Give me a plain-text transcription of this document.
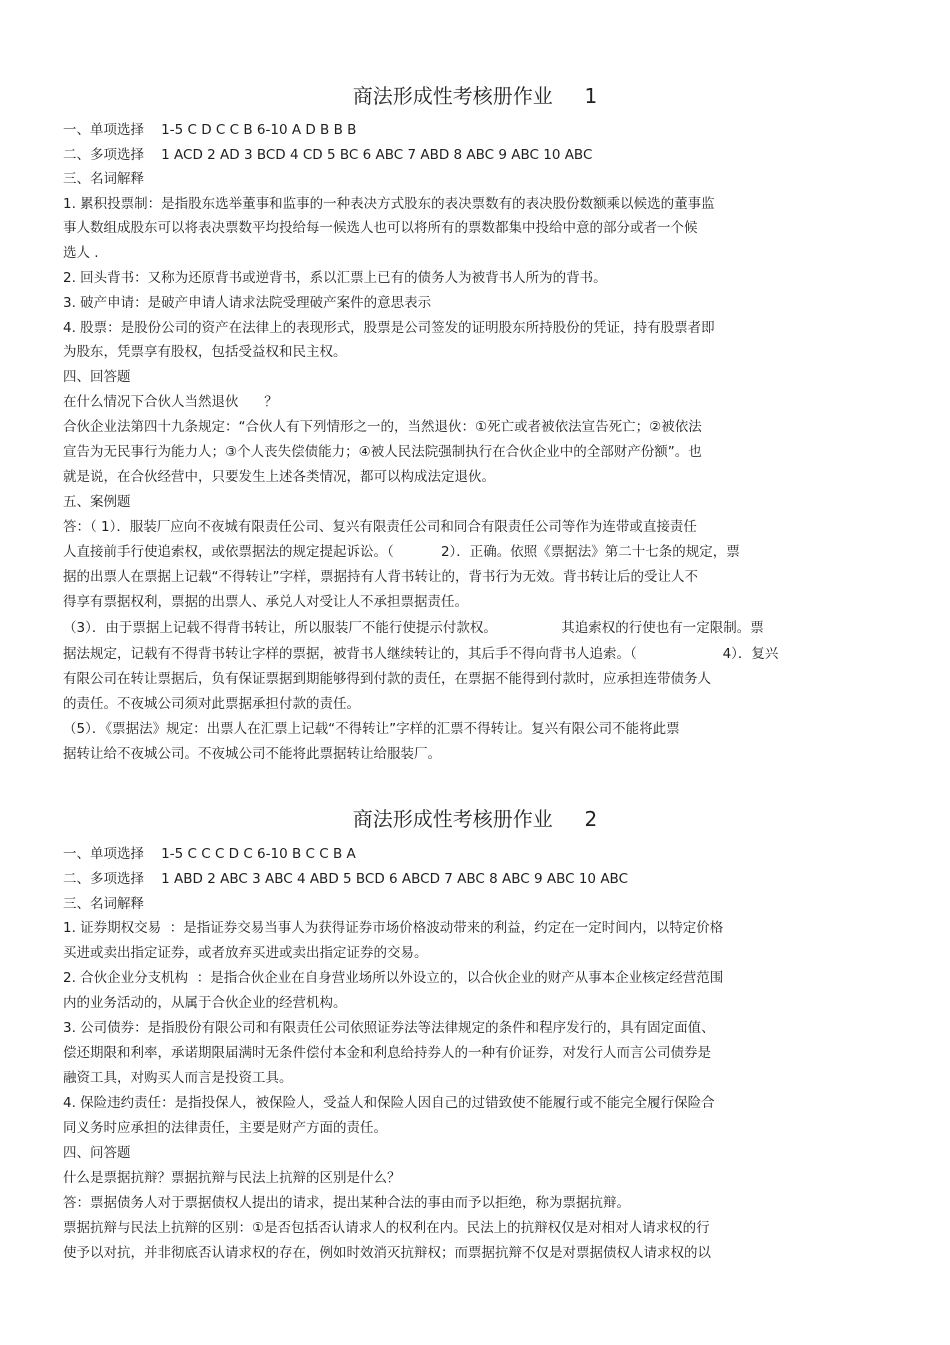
商法形成性考核册作业     1
一、单项选择    1-5 C D C C B 6-10 A D B B B
二、多项选择    1 ACD 2 AD 3 BCD 4 CD 5 BC 6 ABC 7 ABD 8 ABC 9 ABC 10 ABC
三、名词解释
1. 累积投票制：是指股东选举董事和监事的一种表决方式股东的表决票数有的表决股份数额乘以候选的董事监
事人数组成股东可以将表决票数平均投给每一候选人也可以将所有的票数都集中投给中意的部分或者一个候
选人 .
2. 回头背书：又称为还原背书或逆背书，系以汇票上已有的债务人为被背书人所为的背书。
3. 破产申请：是破产申请人请求法院受理破产案件的意思表示
4. 股票：是股份公司的资产在法律上的表现形式，股票是公司签发的证明股东所持股份的凭证，持有股票者即
为股东，凭票享有股权，包括受益权和民主权。
四、回答题
在什么情况下合伙人当然退伙      ？
合伙企业法第四十九条规定：“合伙人有下列情形之一的，当然退伙：①死亡或者被依法宣告死亡；②被依法
宣告为无民事行为能力人；③个人丧失偿债能力；④被人民法院强制执行在合伙企业中的全部财产份额”。也
就是说，在合伙经营中，只要发生上述各类情况，都可以构成法定退伙。
五、案例题
答：（ 1）．服装厂应向不夜城有限责任公司、复兴有限责任公司和同合有限责任公司等作为连带或直接责任
人直接前手行使追索权，或依票据法的规定提起诉讼。（           2）．正确。依照《票据法》第二十七条的规定，票
据的出票人在票据上记载“不得转让”字样，票据持有人背书转让的，背书行为无效。背书转让后的受让人不
得享有票据权利，票据的出票人、承兑人对受让人不承担票据责任。
（3）．由于票据上记载不得背书转让，所以服装厂不能行使提示付款权。               其追索权的行使也有一定限制。票
据法规定，记载有不得背书转让字样的票据，被背书人继续转让的，其后手不得向背书人追索。（                    4）．复兴
有限公司在转让票据后，负有保证票据到期能够得到付款的责任，在票据不能得到付款时，应承担连带债务人
的责任。不夜城公司须对此票据承担付款的责任。
（5）．《票据法》规定：出票人在汇票上记载“不得转让”字样的汇票不得转让。复兴有限公司不能将此票
据转让给不夜城公司。不夜城公司不能将此票据转让给服装厂。
商法形成性考核册作业     2
一、单项选择    1-5 C C C D C 6-10 B C C B A
二、多项选择    1 ABD 2 ABC 3 ABC 4 ABD 5 BCD 6 ABCD 7 ABC 8 ABC 9 ABC 10 ABC
三、名词解释
1. 证券期权交易  ：是指证券交易当事人为获得证券市场价格波动带来的利益，约定在一定时间内，以特定价格
买进或卖出指定证券，或者放弃买进或卖出指定证券的交易。
2. 合伙企业分支机构  ：是指合伙企业在自身营业场所以外设立的，以合伙企业的财产从事本企业核定经营范围
内的业务活动的，从属于合伙企业的经营机构。
3. 公司债券：是指股份有限公司和有限责任公司依照证券法等法律规定的条件和程序发行的，具有固定面值、
偿还期限和利率，承诺期限届满时无条件偿付本金和利息给持券人的一种有价证券，对发行人而言公司债券是
融资工具，对购买人而言是投资工具。
4. 保险违约责任：是指投保人，被保险人，受益人和保险人因自己的过错致使不能履行或不能完全履行保险合
同义务时应承担的法律责任，主要是财产方面的责任。
四、问答题
什么是票据抗辩？票据抗辩与民法上抗辩的区别是什么？
答：票据债务人对于票据债权人提出的请求，提出某种合法的事由而予以拒绝，称为票据抗辩。
票据抗辩与民法上抗辩的区别：①是否包括否认请求人的权利在内。民法上的抗辩权仅是对相对人请求权的行
使予以对抗，并非彻底否认请求权的存在，例如时效消灭抗辩权；而票据抗辩不仅是对票据债权人请求权的以
